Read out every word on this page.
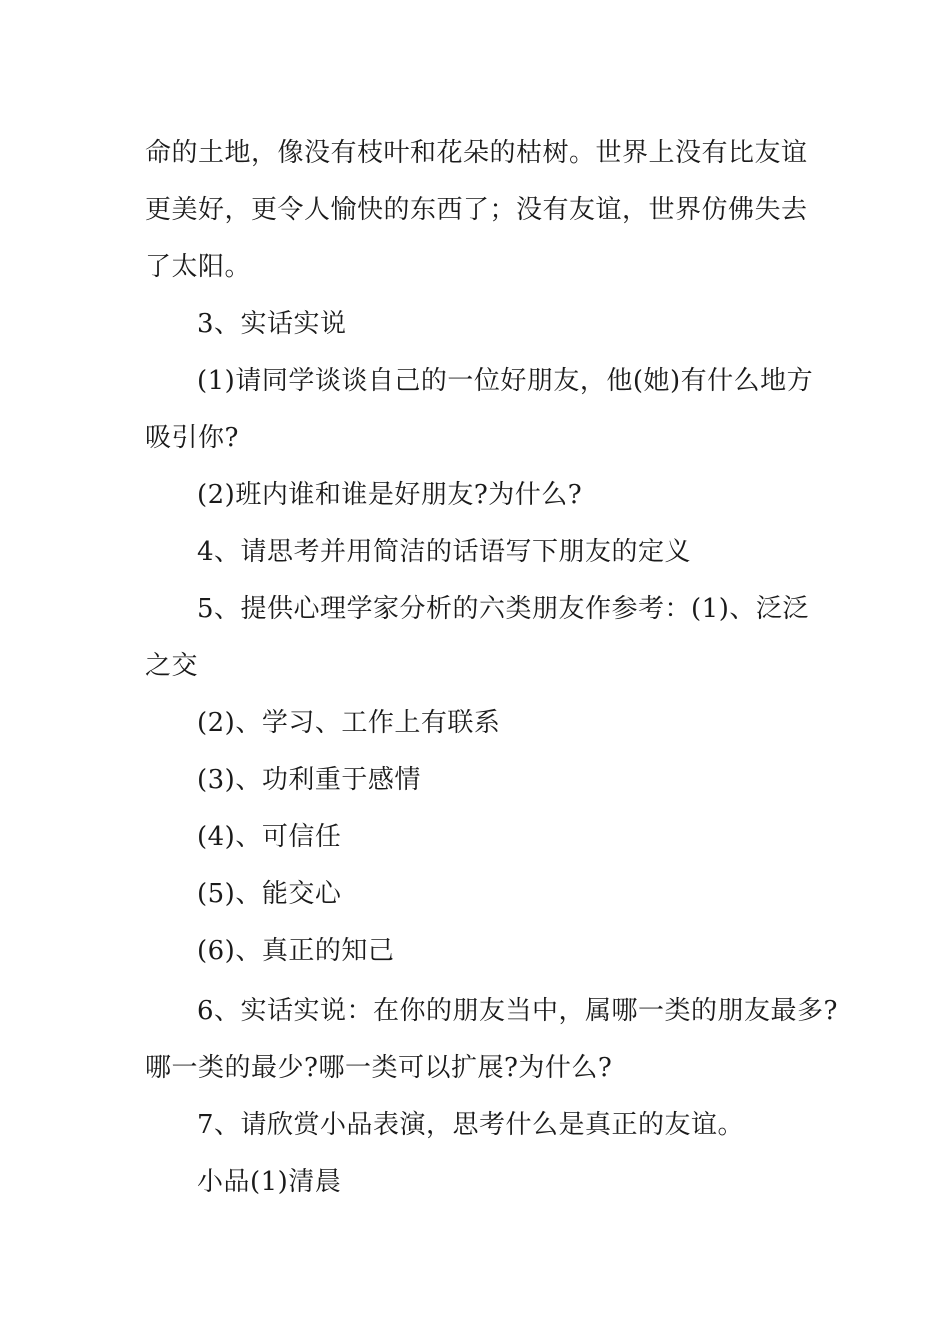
命的土地，像没有枝叶和花朵的枯树。世界上没有比友谊
更美好，更令人愉快的东西了；没有友谊，世界仿佛失去
了太阳。
3、实话实说
(1)请同学谈谈自己的一位好朋友，他(她)有什么地方
吸引你?
(2)班内谁和谁是好朋友?为什么?
4、请思考并用简洁的话语写下朋友的定义
5、提供心理学家分析的六类朋友作参考：(1)、泛泛
之交
(2)、学习、工作上有联系
(3)、功利重于感情
(4)、可信任
(5)、能交心
(6)、真正的知己
6、实话实说：在你的朋友当中，属哪一类的朋友最多?
哪一类的最少?哪一类可以扩展?为什么?
7、请欣赏小品表演，思考什么是真正的友谊。
小品(1)清晨
